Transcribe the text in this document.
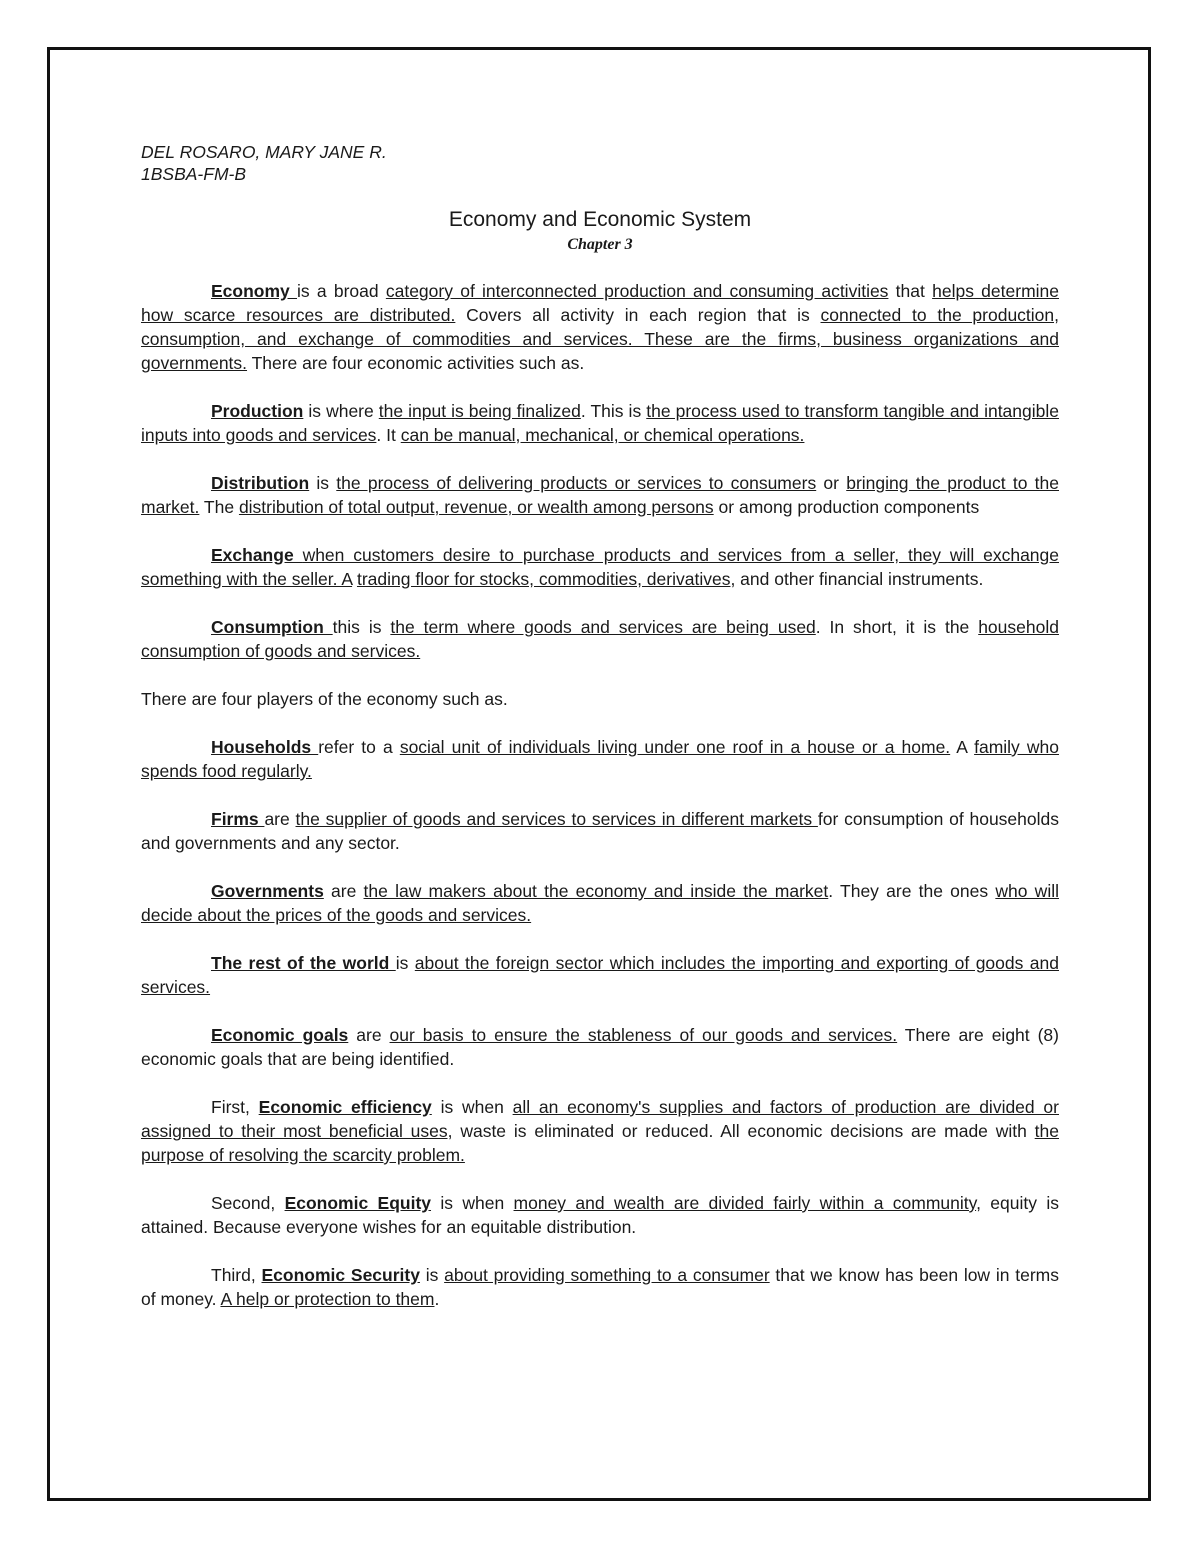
DEL ROSARO, MARY JANE R.

1BSBA-FM-B

Economy and Economic System

Chapter 3

Economy is a broad category of interconnected production and consuming activities that helps determine how scarce resources are distributed. Covers all activity in each region that is connected to the production, consumption, and exchange of commodities and services. These are the firms, business organizations and governments. There are four economic activities such as.

Production is where the input is being finalized. This is the process used to transform tangible and intangible inputs into goods and services. It can be manual, mechanical, or chemical operations.

Distribution is the process of delivering products or services to consumers or bringing the product to the market. The distribution of total output, revenue, or wealth among persons or among production components

Exchange when customers desire to purchase products and services from a seller, they will exchange something with the seller. A trading floor for stocks, commodities, derivatives, and other financial instruments.

Consumption this is the term where goods and services are being used. In short, it is the household consumption of goods and services.

There are four players of the economy such as.

Households refer to a social unit of individuals living under one roof in a house or a home. A family who spends food regularly.

Firms are the supplier of goods and services to services in different markets for consumption of households and governments and any sector.

Governments are the law makers about the economy and inside the market. They are the ones who will decide about the prices of the goods and services.

The rest of the world is about the foreign sector which includes the importing and exporting of goods and services.

Economic goals are our basis to ensure the stableness of our goods and services. There are eight (8) economic goals that are being identified.

First, Economic efficiency is when all an economy's supplies and factors of production are divided or assigned to their most beneficial uses, waste is eliminated or reduced. All economic decisions are made with the purpose of resolving the scarcity problem.

Second, Economic Equity is when money and wealth are divided fairly within a community, equity is attained. Because everyone wishes for an equitable distribution.

Third, Economic Security is about providing something to a consumer that we know has been low in terms of money. A help or protection to them.
